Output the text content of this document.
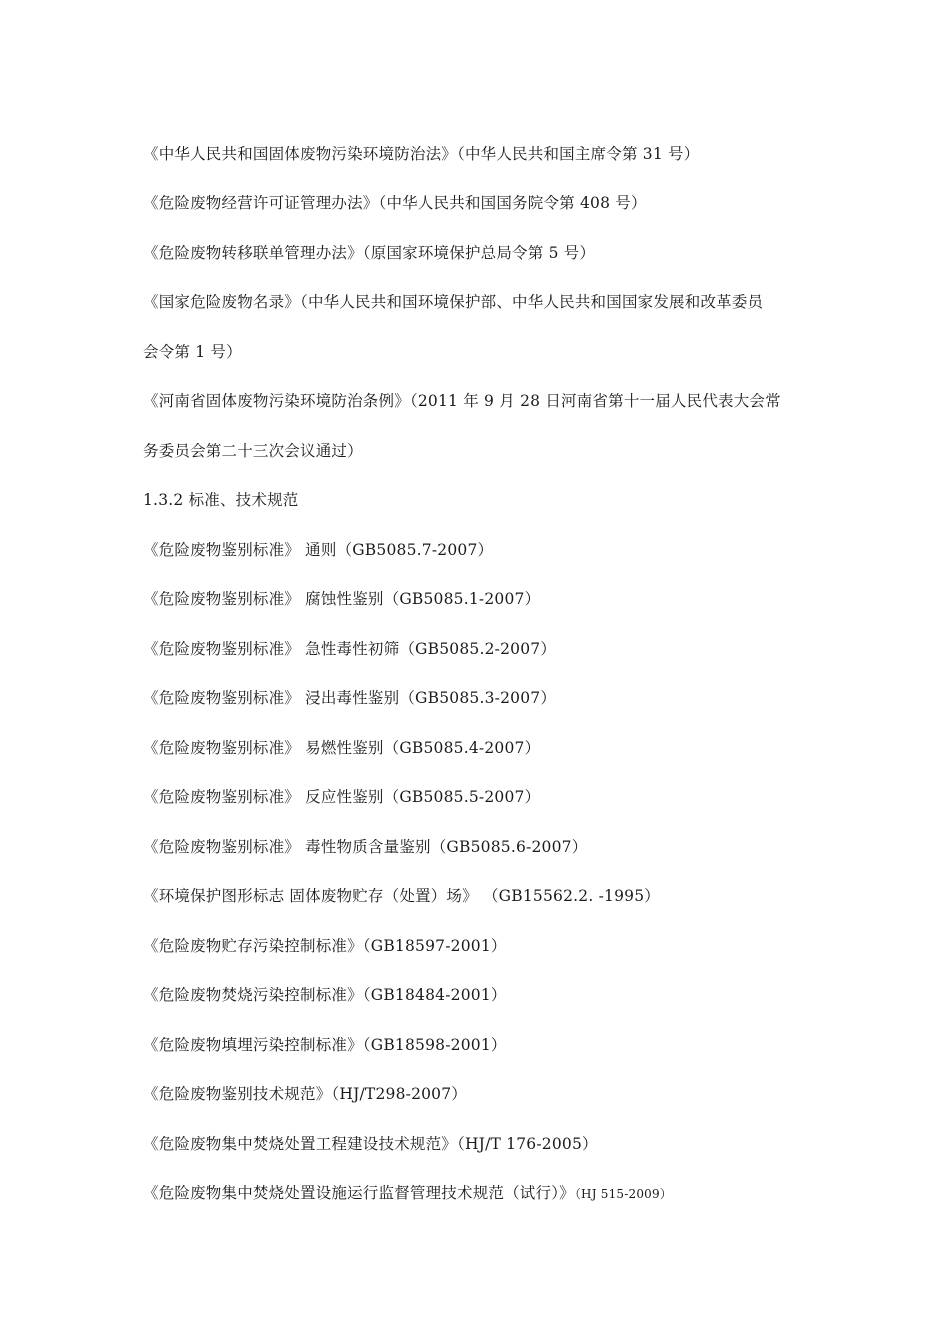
《中华人民共和国固体废物污染环境防治法》（中华人民共和国主席令第 31 号）
《危险废物经营许可证管理办法》（中华人民共和国国务院令第 408 号）
《危险废物转移联单管理办法》（原国家环境保护总局令第 5 号）
《国家危险废物名录》（中华人民共和国环境保护部、中华人民共和国国家发展和改革委员
会令第 1 号）
《河南省固体废物污染环境防治条例》（2011 年 9 月 28 日河南省第十一届人民代表大会常
务委员会第二十三次会议通过）
1.3.2 标准、技术规范
《危险废物鉴别标准》 通则（GB5085.7-2007）
《危险废物鉴别标准》 腐蚀性鉴别（GB5085.1-2007）
《危险废物鉴别标准》 急性毒性初筛（GB5085.2-2007）
《危险废物鉴别标准》 浸出毒性鉴别（GB5085.3-2007）
《危险废物鉴别标准》 易燃性鉴别（GB5085.4-2007）
《危险废物鉴别标准》 反应性鉴别（GB5085.5-2007）
《危险废物鉴别标准》 毒性物质含量鉴别（GB5085.6-2007）
《环境保护图形标志 固体废物贮存（处置）场》 （GB15562.2. -1995）
《危险废物贮存污染控制标准》（GB18597-2001）
《危险废物焚烧污染控制标准》（GB18484-2001）
《危险废物填埋污染控制标准》（GB18598-2001）
《危险废物鉴别技术规范》（HJ/T298-2007）
《危险废物集中焚烧处置工程建设技术规范》（HJ/T 176-2005）
《危险废物集中焚烧处置设施运行监督管理技术规范（试行）》（HJ 515-2009）
